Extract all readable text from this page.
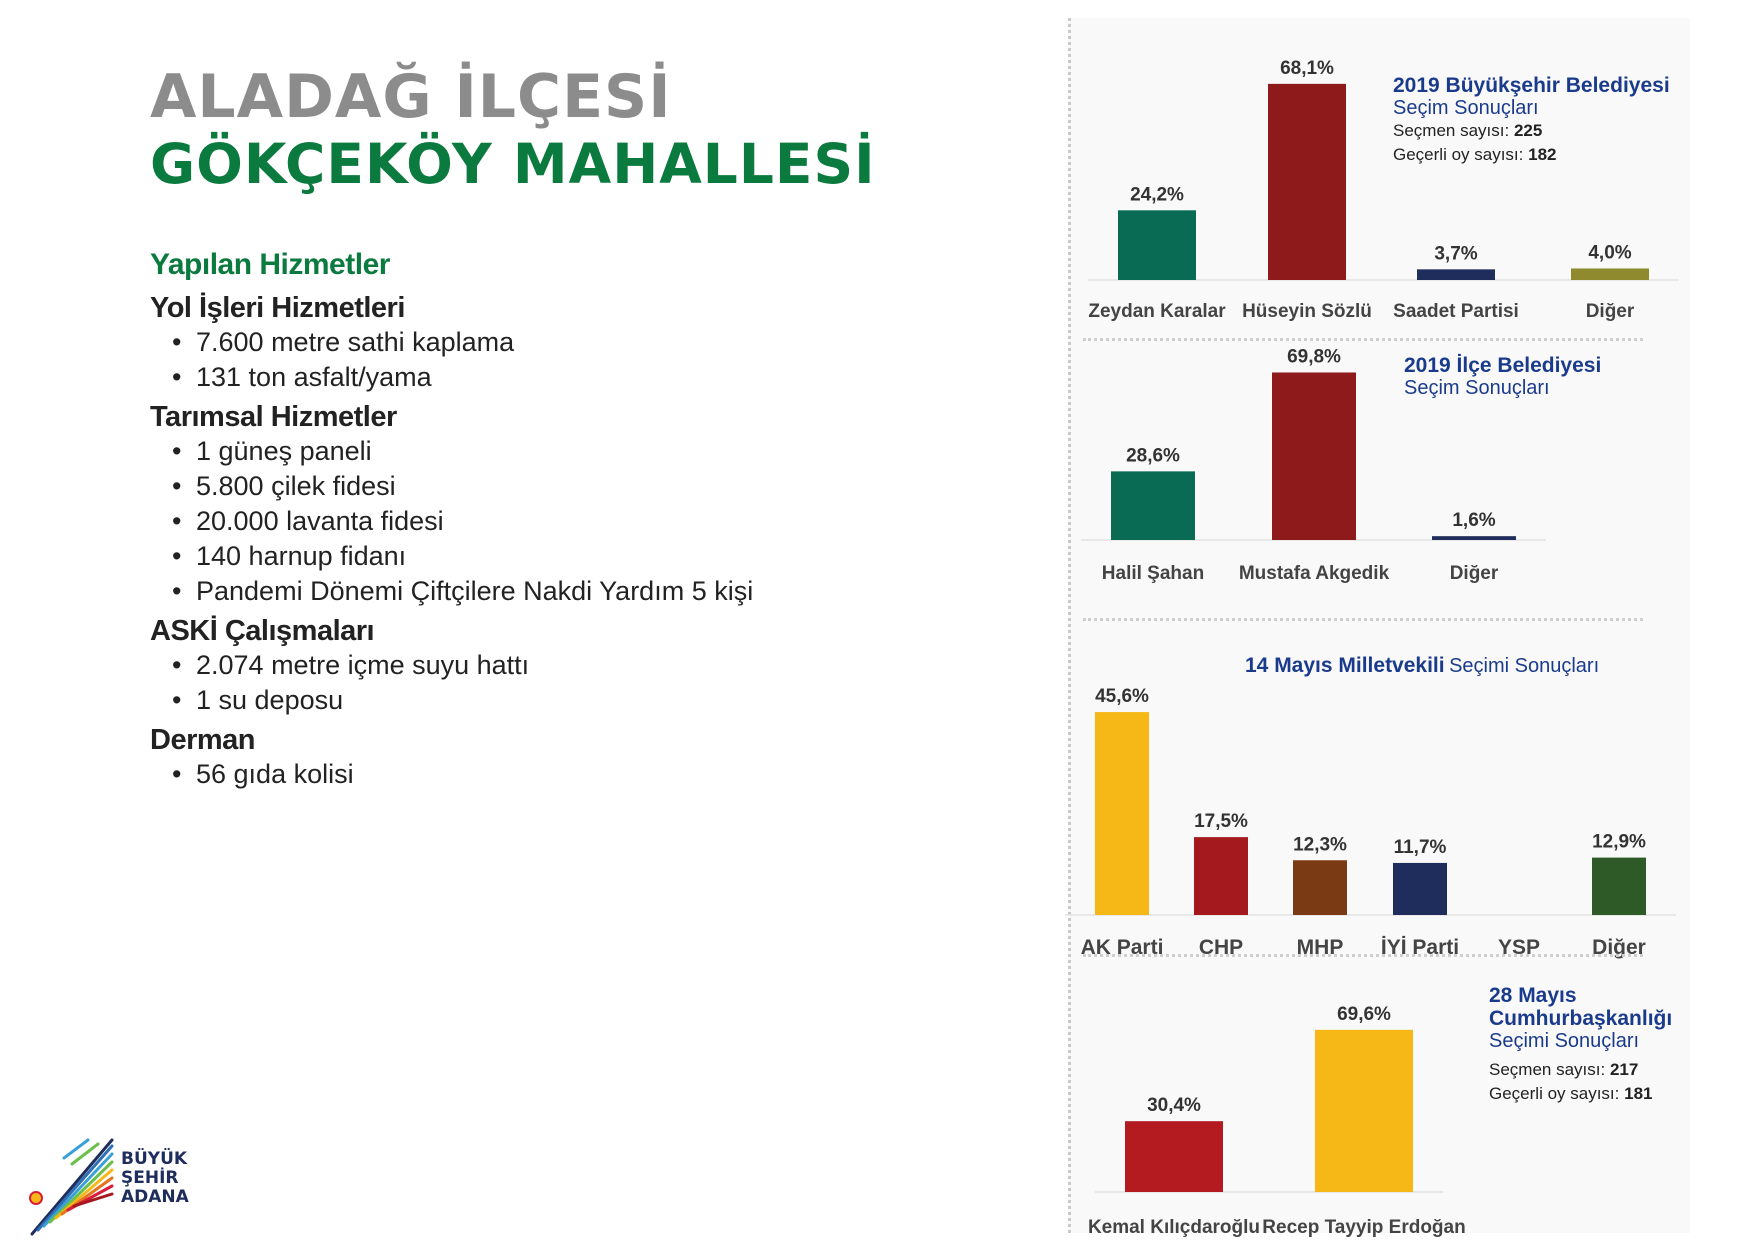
ALADAĞ İLÇESİ
GÖKÇEKÖY MAHALLESİ
Yapılan Hizmetler
Yol İşleri Hizmetleri
• 7.600 metre sathi kaplama
• 131 ton asfalt/yama
Tarımsal Hizmetler
• 1 güneş paneli
• 5.800 çilek fidesi
• 20.000 lavanta fidesi
• 140 harnup fidanı
• Pandemi Dönemi Çiftçilere Nakdi Yardım 5 kişi
ASKİ Çalışmaları
• 2.074 metre içme suyu hattı
• 1 su deposu
Derman
• 56 gıda kolisi
BÜYÜK
ŞEHİR
ADANA
24,2%
Zeydan Karalar
68,1%
Hüseyin Sözlü
3,7%
Saadet Partisi
4,0%
Diğer
2019 Büyükşehir Belediyesi
Seçim Sonuçları
Seçmen sayısı: 225
Geçerli oy sayısı: 182
28,6%
Halil Şahan
69,8%
Mustafa Akgedik
1,6%
Diğer
2019 İlçe Belediyesi
Seçim Sonuçları
45,6%
AK Parti
17,5%
CHP
12,3%
MHP
11,7%
İYİ Parti YSP
12,9%
Diğer
14 Mayıs Milletvekili Seçimi Sonuçları
30,4%
Kemal Kılıçdaroğlu
69,6%
Recep Tayyip Erdoğan
28 Mayıs Cumhurbaşkanlığı
Seçimi Sonuçları
Seçmen sayısı: 217
Geçerli oy sayısı: 181
